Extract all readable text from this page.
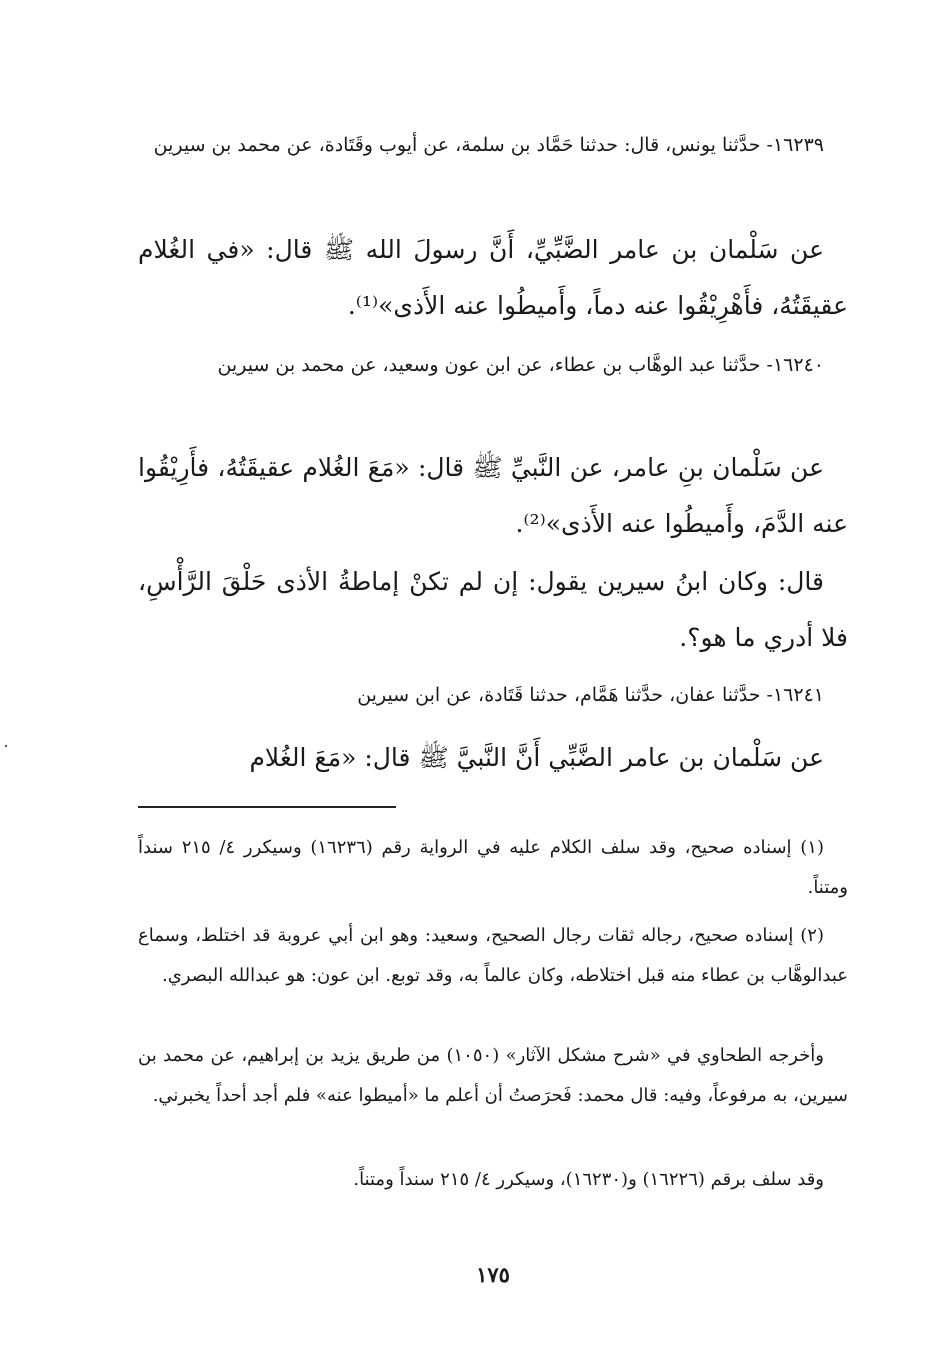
١٦٢٣٩- حدَّثنا يونس، قال: حدثنا حَمَّاد بن سلمة، عن أيوب وقَتَادة، عن محمد بن سيرين

عن سَلْمان بن عامر الضَّبِّيِّ، أَنَّ رسولَ الله ﷺ قال: «في الغُلام عقيقَتُهُ، فأَهْرِيْقُوا عنه دماً، وأَميطُوا عنه الأَذى»⁽¹⁾.

١٦٢٤٠- حدَّثنا عبد الوهَّاب بن عطاء، عن ابن عون وسعيد، عن محمد بن سيرين

عن سَلْمان بنِ عامر، عن النَّبيِّ ﷺ قال: «مَعَ الغُلام عقيقَتُهُ، فأَرِيْقُوا عنه الدَّمَ، وأَميطُوا عنه الأَذى»⁽²⁾.

قال: وكان ابنُ سيرين يقول: إن لم تكنْ إماطةُ الأذى حَلْقَ الرَّأْسِ، فلا أدري ما هو؟.

١٦٢٤١- حدَّثنا عفان، حدَّثنا هَمَّام، حدثنا قَتَادة، عن ابن سيرين

عن سَلْمان بن عامر الضَّبِّي أَنَّ النَّبيَّ ﷺ قال: «مَعَ الغُلام

(١) إسناده صحيح، وقد سلف الكلام عليه في الرواية رقم (١٦٢٣٦) وسيكرر ٤/ ٢١٥ سنداً ومتناً.

(٢) إسناده صحيح، رجاله ثقات رجال الصحيح، وسعيد: وهو ابن أبي عروبة قد اختلط، وسماع عبدالوهَّاب بن عطاء منه قبل اختلاطه، وكان عالماً به، وقد توبع. ابن عون: هو عبدالله البصري.

وأخرجه الطحاوي في «شرح مشكل الآثار» (١٠٥٠) من طريق يزيد بن إبراهيم، عن محمد بن سيرين، به مرفوعاً، وفيه: قال محمد: فَحرَصتُ أن أعلم ما «أميطوا عنه» فلم أجد أحداً يخبرني.

وقد سلف برقم (١٦٢٢٦) و(١٦٢٣٠)، وسيكرر ٤/ ٢١٥ سنداً ومتناً.

١٧٥
